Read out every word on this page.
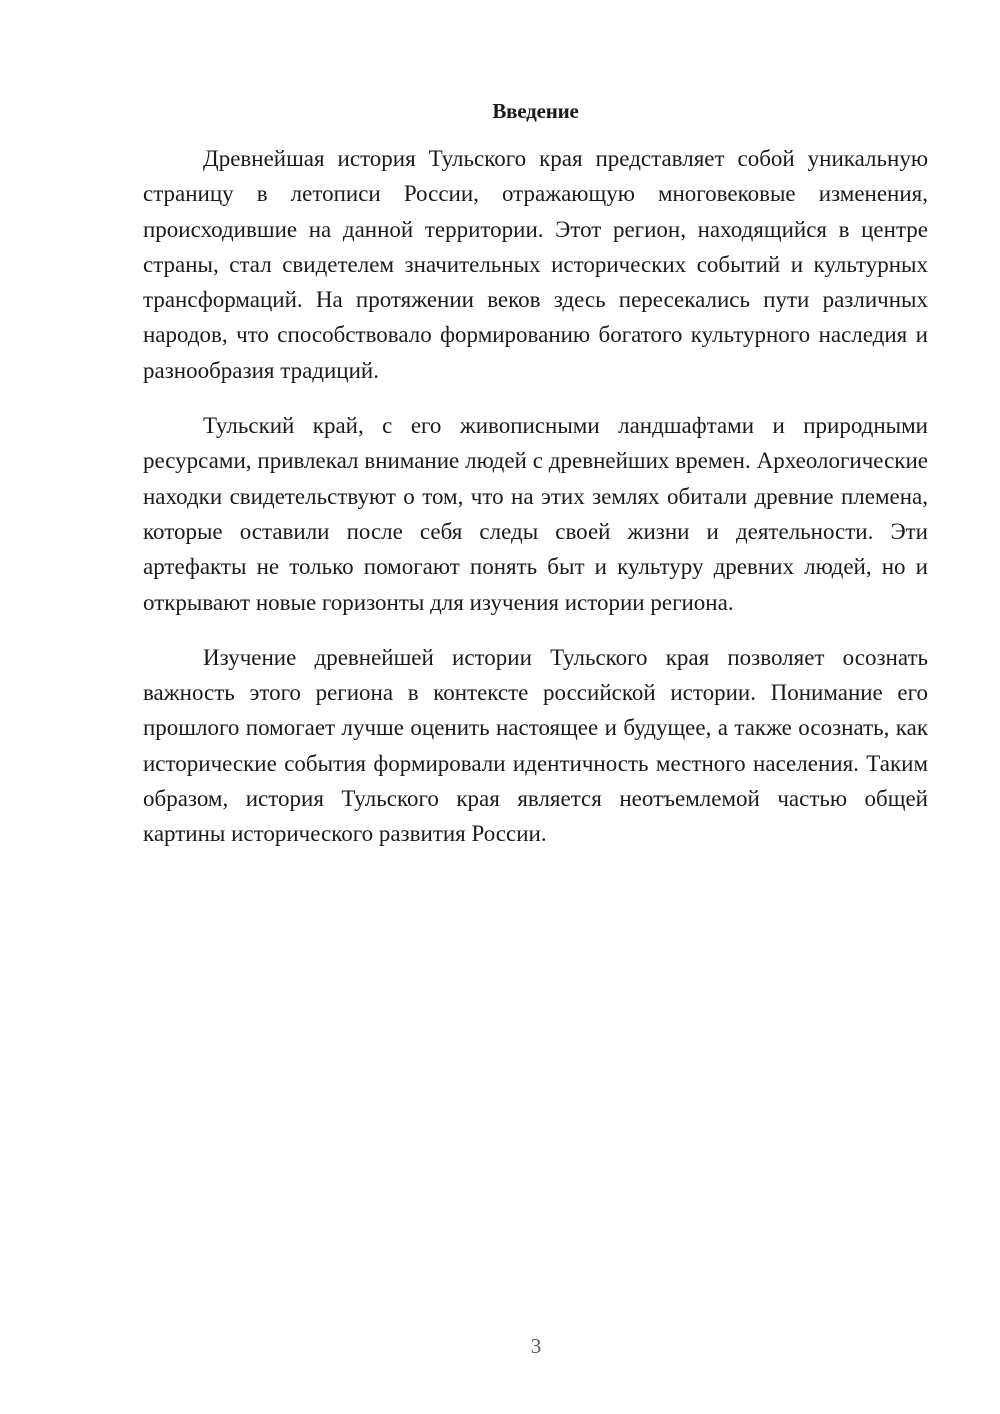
Введение

Древнейшая история Тульского края представляет собой уникальную страницу в летописи России, отражающую многовековые изменения, происходившие на данной территории. Этот регион, находящийся в центре страны, стал свидетелем значительных исторических событий и культурных трансформаций. На протяжении веков здесь пересекались пути различных народов, что способствовало формированию богатого культурного наследия и разнообразия традиций.

Тульский край, с его живописными ландшафтами и природными ресурсами, привлекал внимание людей с древнейших времен. Археологические находки свидетельствуют о том, что на этих землях обитали древние племена, которые оставили после себя следы своей жизни и деятельности. Эти артефакты не только помогают понять быт и культуру древних людей, но и открывают новые горизонты для изучения истории региона.

Изучение древнейшей истории Тульского края позволяет осознать важность этого региона в контексте российской истории. Понимание его прошлого помогает лучше оценить настоящее и будущее, а также осознать, как исторические события формировали идентичность местного населения. Таким образом, история Тульского края является неотъемлемой частью общей картины исторического развития России.

3
